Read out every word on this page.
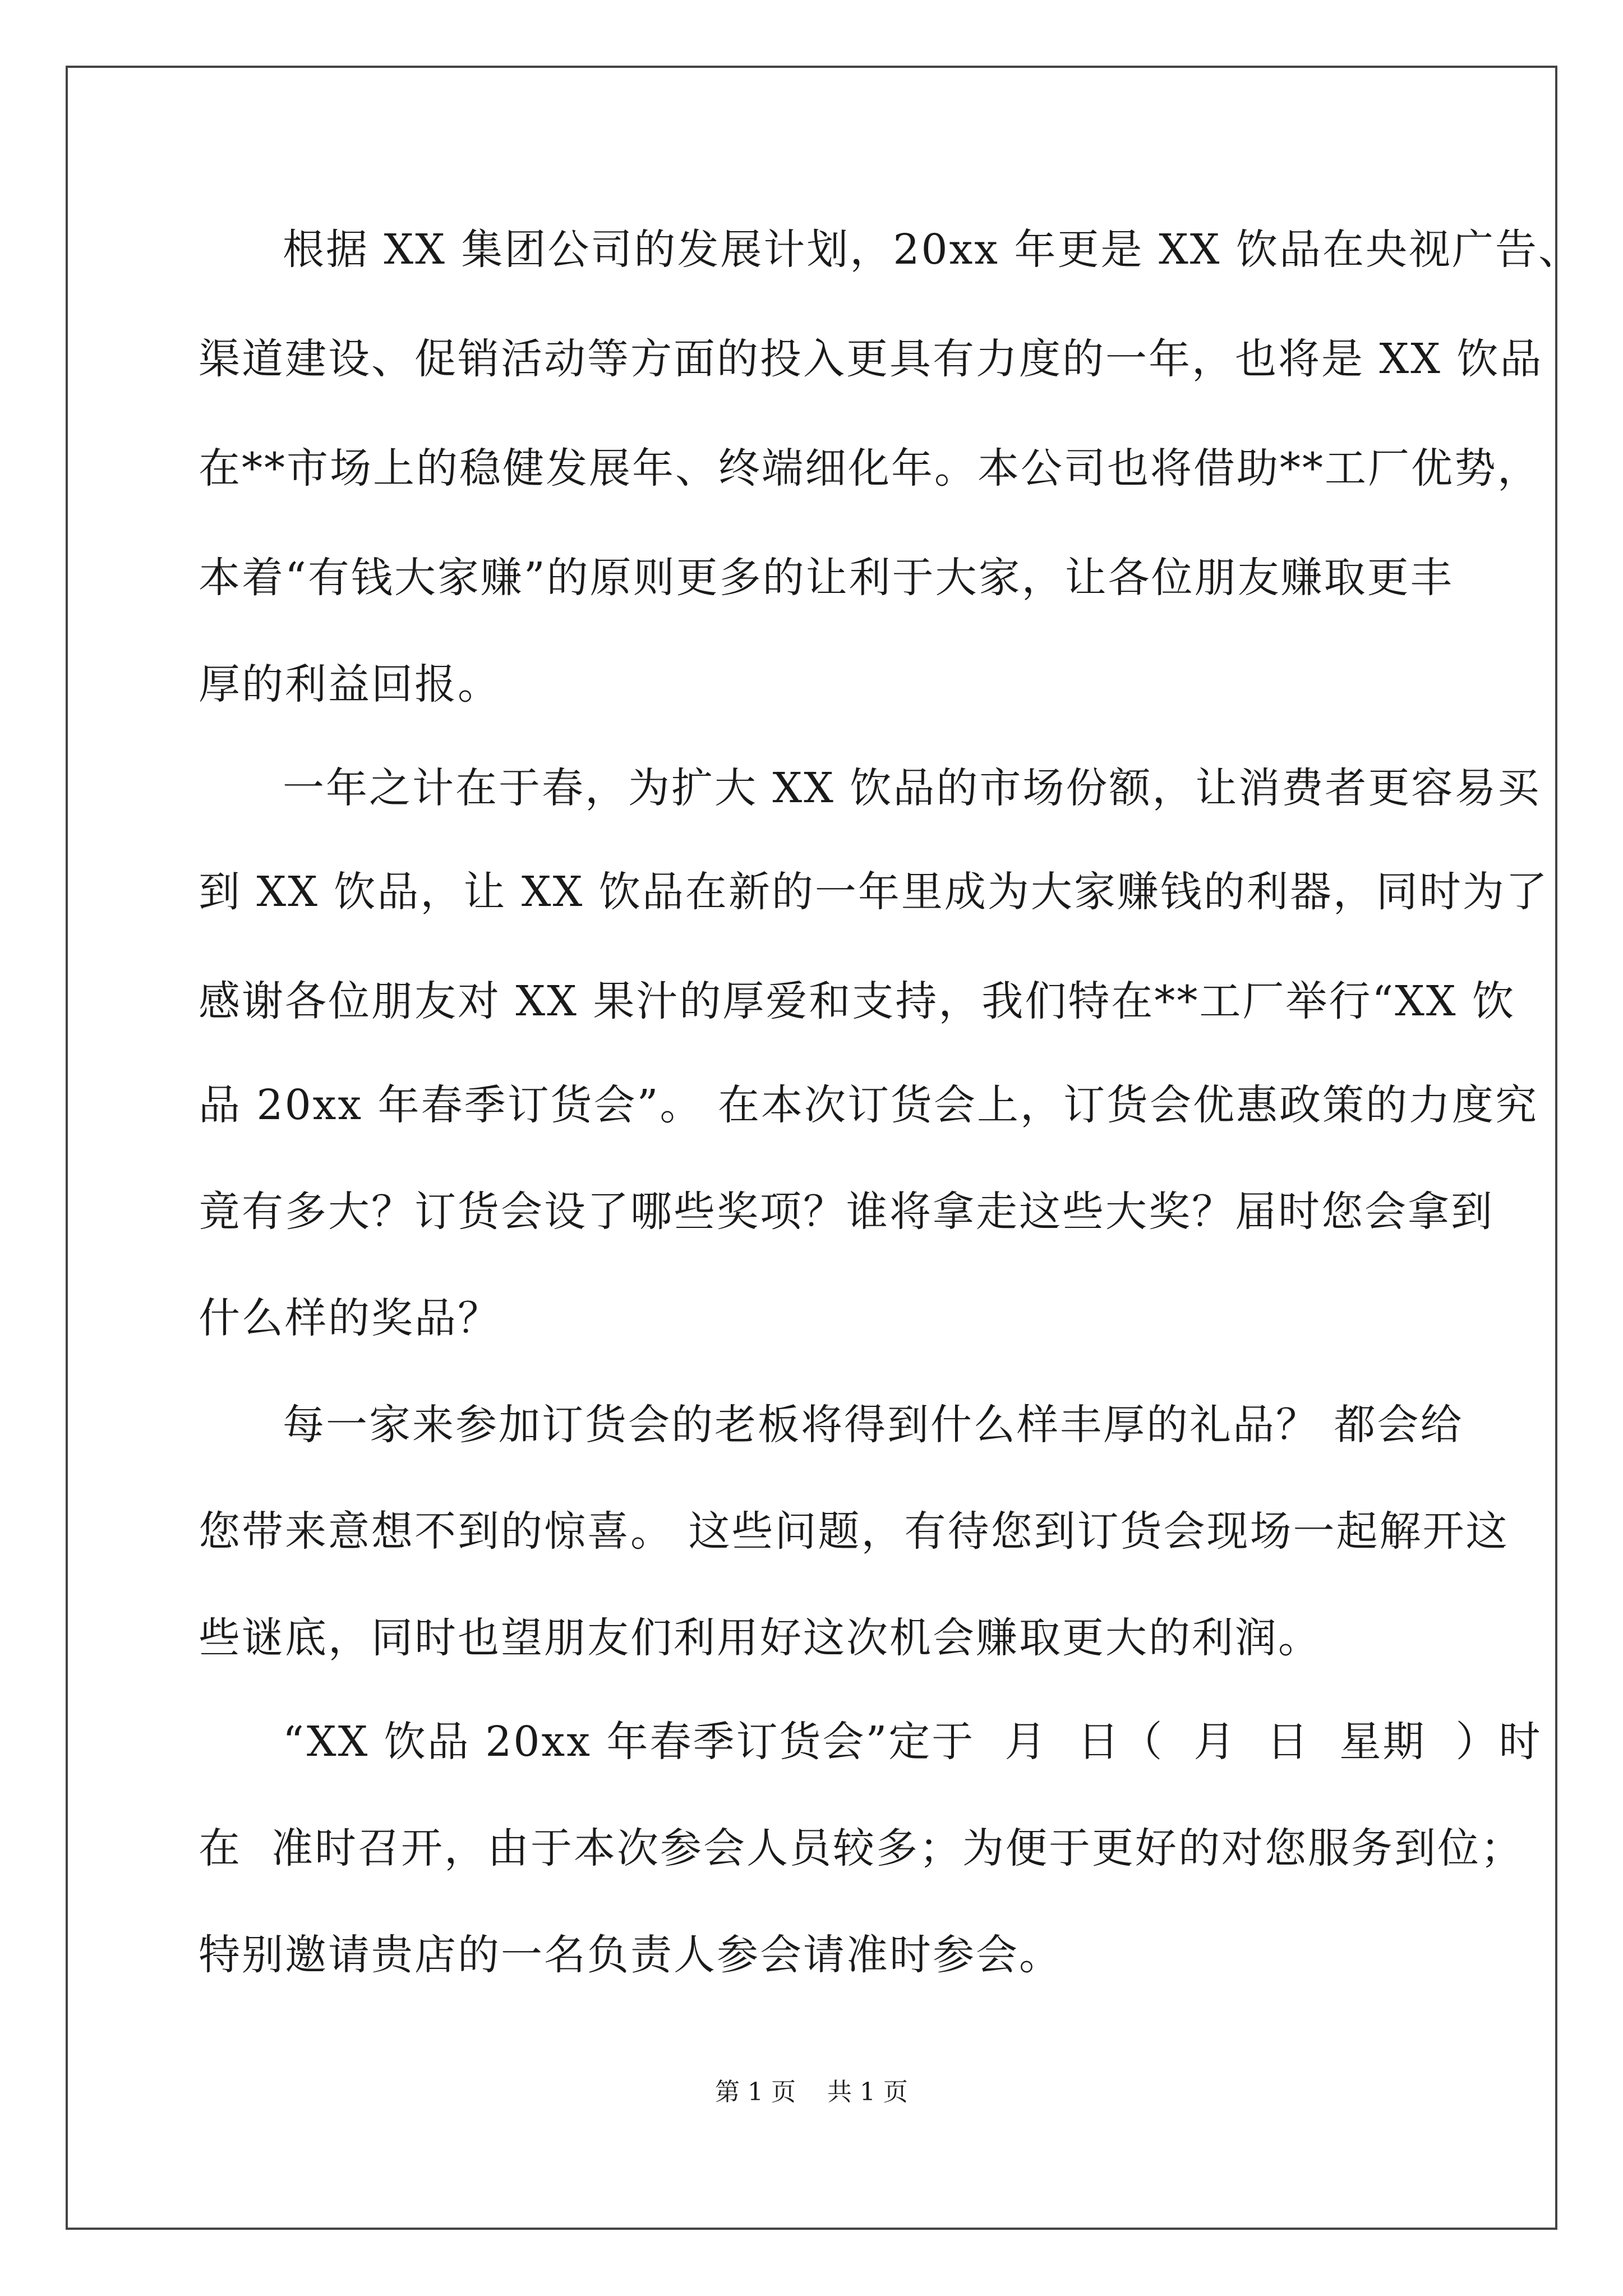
根据 XX 集团公司的发展计划，20xx 年更是 XX 饮品在央视广告、
渠道建设、促销活动等方面的投入更具有力度的一年，也将是 XX 饮品
在**市场上的稳健发展年、终端细化年。本公司也将借助**工厂优势，
本着“有钱大家赚”的原则更多的让利于大家，让各位朋友赚取更丰
厚的利益回报。
一年之计在于春，为扩大 XX 饮品的市场份额，让消费者更容易买
到 XX 饮品，让 XX 饮品在新的一年里成为大家赚钱的利器，同时为了
感谢各位朋友对 XX 果汁的厚爱和支持，我们特在**工厂举行“XX 饮
品 20xx 年春季订货会”。 在本次订货会上，订货会优惠政策的力度究
竟有多大？订货会设了哪些奖项？谁将拿走这些大奖？届时您会拿到
什么样的奖品？
每一家来参加订货会的老板将得到什么样丰厚的礼品？ 都会给
您带来意想不到的惊喜。 这些问题，有待您到订货会现场一起解开这
些谜底，同时也望朋友们利用好这次机会赚取更大的利润。
“XX 饮品 20xx 年春季订货会”定于  月  日（  月  日  星期  ）时
在  准时召开，由于本次参会人员较多；为便于更好的对您服务到位；
特别邀请贵店的一名负责人参会请准时参会。
第 1 页    共 1 页
